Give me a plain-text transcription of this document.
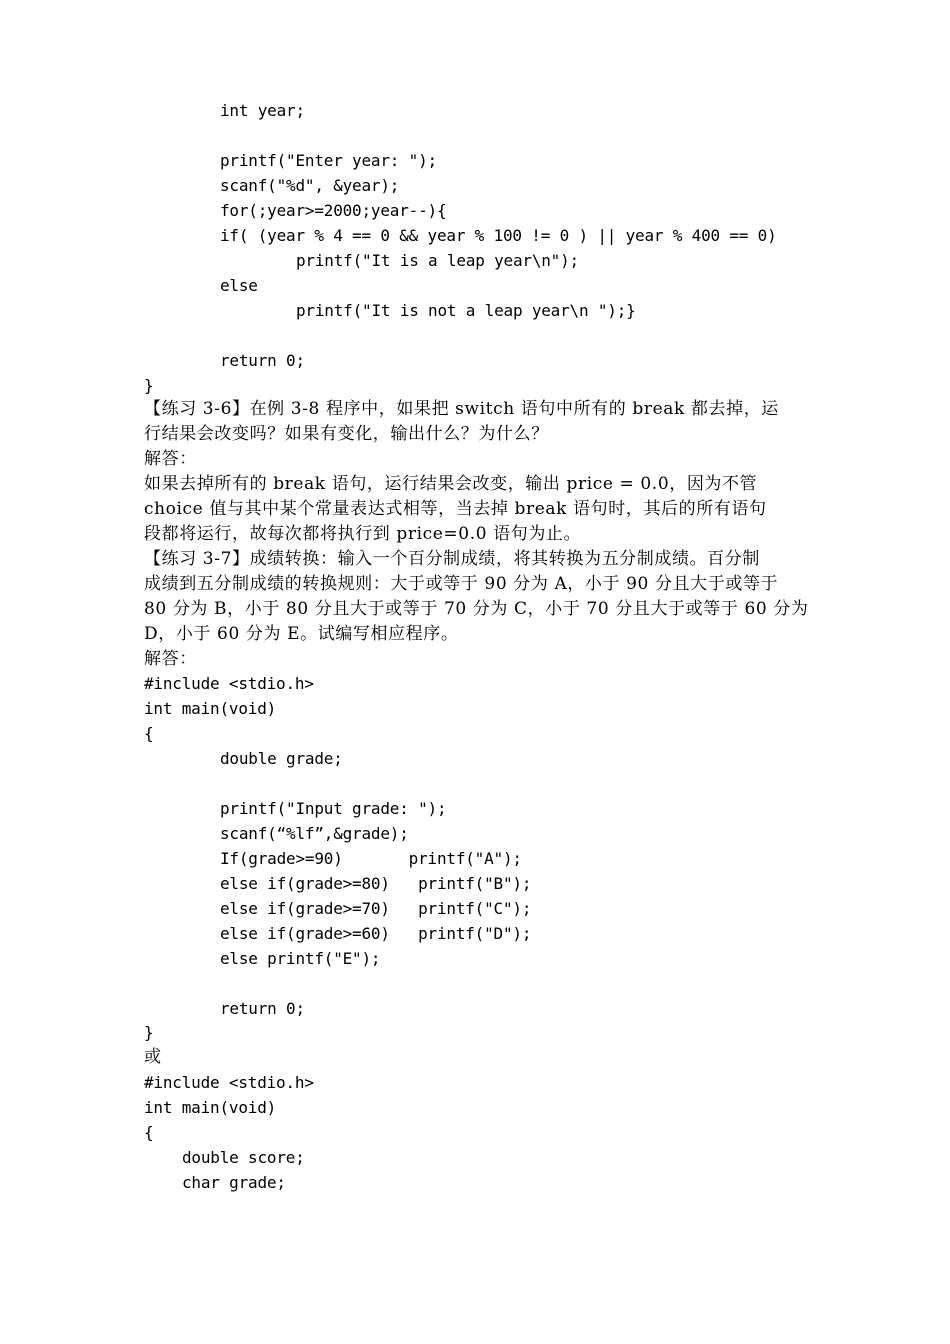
int year;
printf("Enter year: ");
scanf("%d", &year);
for(;year>=2000;year--){
if( (year % 4 == 0 && year % 100 != 0 ) || year % 400 == 0)
printf("It is a leap year\n");
else
printf("It is not a leap year\n ");}
return 0;
}
【练习 3-6】在例 3-8 程序中，如果把 switch 语句中所有的 break 都去掉，运
行结果会改变吗？如果有变化，输出什么？为什么？
解答：
如果去掉所有的 break 语句，运行结果会改变，输出 price = 0.0，因为不管
choice 值与其中某个常量表达式相等，当去掉 break 语句时，其后的所有语句
段都将运行，故每次都将执行到 price=0.0 语句为止。
【练习 3-7】成绩转换：输入一个百分制成绩，将其转换为五分制成绩。百分制
成绩到五分制成绩的转换规则：大于或等于 90 分为 A，小于 90 分且大于或等于
80 分为 B，小于 80 分且大于或等于 70 分为 C，小于 70 分且大于或等于 60 分为
D，小于 60 分为 E。试编写相应程序。
解答：
#include <stdio.h>
int main(void)
{
double grade;
printf("Input grade: ");
scanf(“%lf”,&grade);
If(grade>=90)       printf("A");
else if(grade>=80)   printf("B");
else if(grade>=70)   printf("C");
else if(grade>=60)   printf("D");
else printf("E");
return 0;
}
或
#include <stdio.h>
int main(void)
{
double score;
char grade;
